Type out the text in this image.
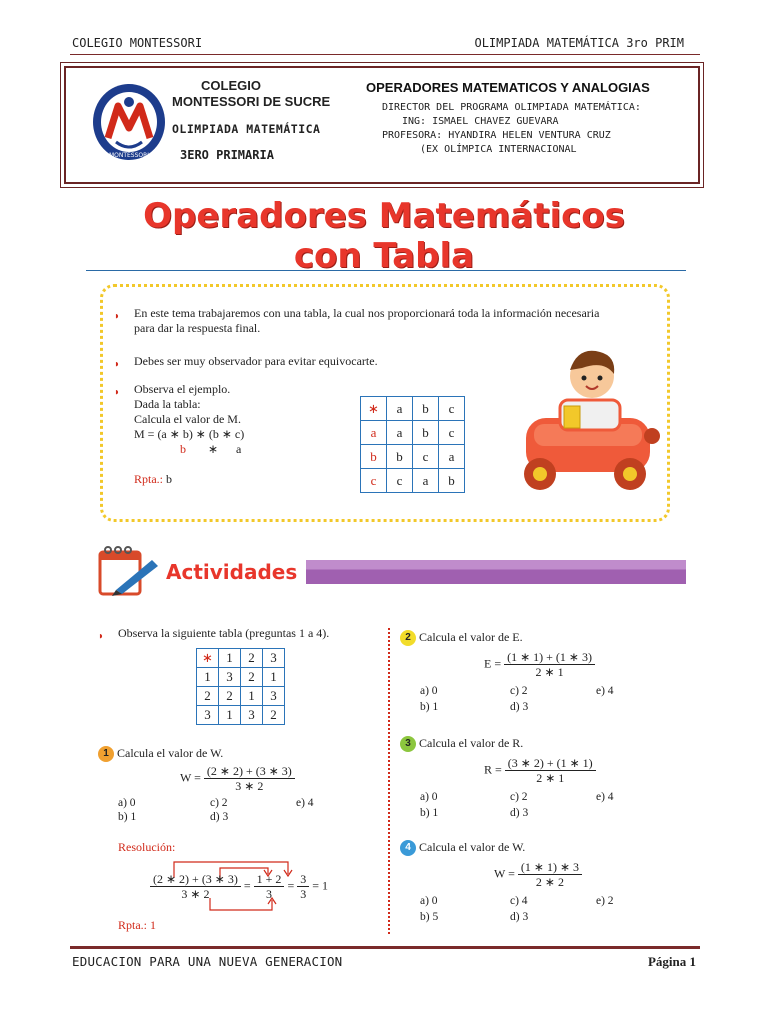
COLEGIO MONTESSORI	OLIMPIADA MATEMÁTICA 3ro PRIM
MONTESSORI
COLEGIO
MONTESSORI DE SUCRE
OLIMPIADA MATEMÁTICA
3ERO PRIMARIA
OPERADORES MATEMATICOS Y ANALOGIAS
DIRECTOR DEL PROGRAMA OLIMPIADA MATEMÁTICA:
ING: ISMAEL CHAVEZ GUEVARA
PROFESORA: HYANDIRA HELEN VENTURA CRUZ
(EX OLÍMPICA INTERNACIONAL
Operadores Matemáticos
con Tabla
◗ En este tema trabajaremos con una tabla, la cual nos proporcionará toda la información necesaria
para dar la respuesta final.
◗ Debes ser muy observador para evitar equivocarte.
◗ Observa el ejemplo.
Dada la tabla:
Calcula el valor de M.
M = (a ∗ b) ∗ (b ∗ c)
b ∗ a
Rpta.: b
∗	a	b	c
a	a	b	c
b	b	c	a
c	c	a	b
Actividades
◗ Observa la siguiente tabla (preguntas 1 a 4).
∗	1	2	3
1	3	2	1
2	2	1	3
3	1	3	2
1 Calcula el valor de W.
$W = \frac{(2 ∗ 2) + (3 ∗ 3)}{3 ∗ 2}$
a) 0	c) 2	e) 4
b) 1	d) 3
Resolución:
$\frac{(2 ∗ 2) + (3 ∗ 3)}{3 ∗ 2} = \frac{1 + 2}{3} = \frac{3}{3} = 1$
Rpta.: 1
2 Calcula el valor de E.
$E = \frac{(1 ∗ 1) + (1 ∗ 3)}{2 ∗ 1}$
a) 0	c) 2	e) 4
b) 1	d) 3
3 Calcula el valor de R.
$R = \frac{(3 ∗ 2) + (1 ∗ 1)}{2 ∗ 1}$
a) 0	c) 2	e) 4
b) 1	d) 3
4 Calcula el valor de W.
$W = \frac{(1 ∗ 1) ∗ 3}{2 ∗ 2}$
a) 0	c) 4	e) 2
b) 5	d) 3
EDUCACION PARA UNA NUEVA GENERACION	Página 1
